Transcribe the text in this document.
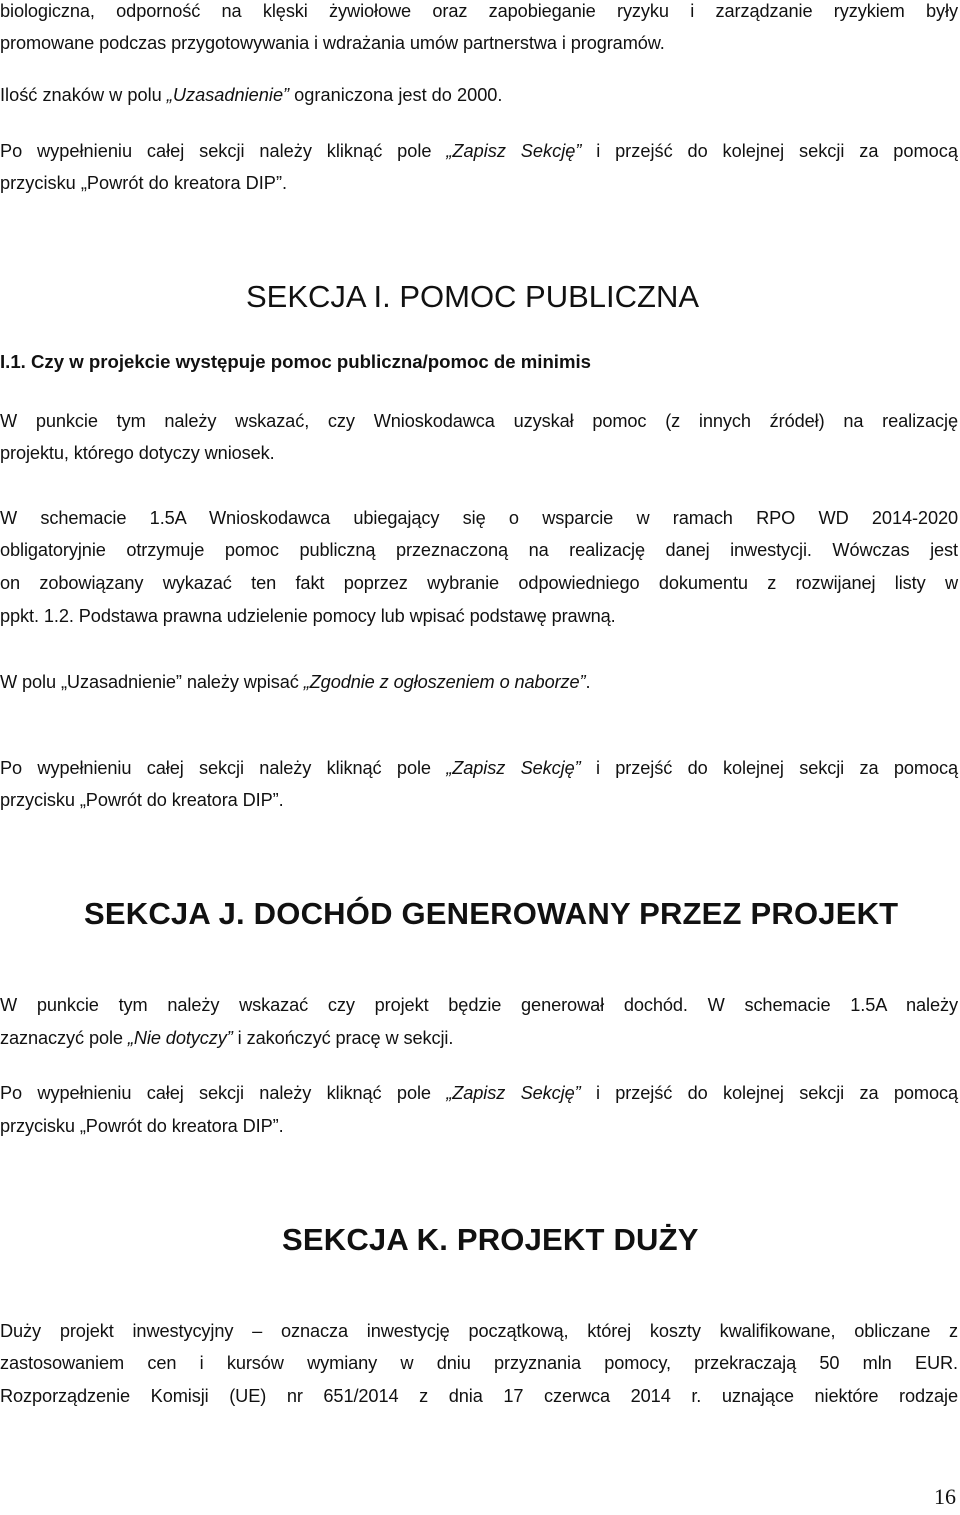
biologiczna, odporność na klęski żywiołowe oraz zapobieganie ryzyku i zarządzanie ryzykiem były

promowane podczas przygotowywania i wdrażania umów partnerstwa i programów.

Ilość znaków w polu „Uzasadnienie” ograniczona jest do 2000.

Po wypełnieniu całej sekcji należy kliknąć pole „Zapisz Sekcję” i przejść do kolejnej sekcji za pomocą

przycisku „Powrót do kreatora DIP”.

SEKCJA I. POMOC PUBLICZNA
I.1. Czy w projekcie występuje pomoc publiczna/pomoc de minimis

W punkcie tym należy wskazać, czy Wnioskodawca uzyskał pomoc (z innych źródeł) na realizację

projektu, którego dotyczy wniosek.

W schemacie 1.5A Wnioskodawca ubiegający się o wsparcie w ramach RPO WD 2014-2020

obligatoryjnie otrzymuje pomoc publiczną przeznaczoną na realizację danej inwestycji. Wówczas jest

on zobowiązany wykazać ten fakt poprzez wybranie odpowiedniego dokumentu z rozwijanej listy w

ppkt. 1.2. Podstawa prawna udzielenie pomocy lub wpisać podstawę prawną.

W polu „Uzasadnienie” należy wpisać „Zgodnie z ogłoszeniem o naborze”.

Po wypełnieniu całej sekcji należy kliknąć pole „Zapisz Sekcję” i przejść do kolejnej sekcji za pomocą

przycisku „Powrót do kreatora DIP”.

SEKCJA J. DOCHÓD GENEROWANY PRZEZ PROJEKT

W punkcie tym należy wskazać czy projekt będzie generował dochód. W schemacie 1.5A należy

zaznaczyć pole „Nie dotyczy” i zakończyć pracę w sekcji.

Po wypełnieniu całej sekcji należy kliknąć pole „Zapisz Sekcję” i przejść do kolejnej sekcji za pomocą

przycisku „Powrót do kreatora DIP”.

SEKCJA K. PROJEKT DUŻY

Duży projekt inwestycyjny – oznacza inwestycję początkową, której koszty kwalifikowane, obliczane z

zastosowaniem cen i kursów wymiany w dniu przyznania pomocy, przekraczają 50 mln EUR.

Rozporządzenie Komisji (UE) nr 651/2014 z dnia 17 czerwca 2014 r. uznające niektóre rodzaje

16
